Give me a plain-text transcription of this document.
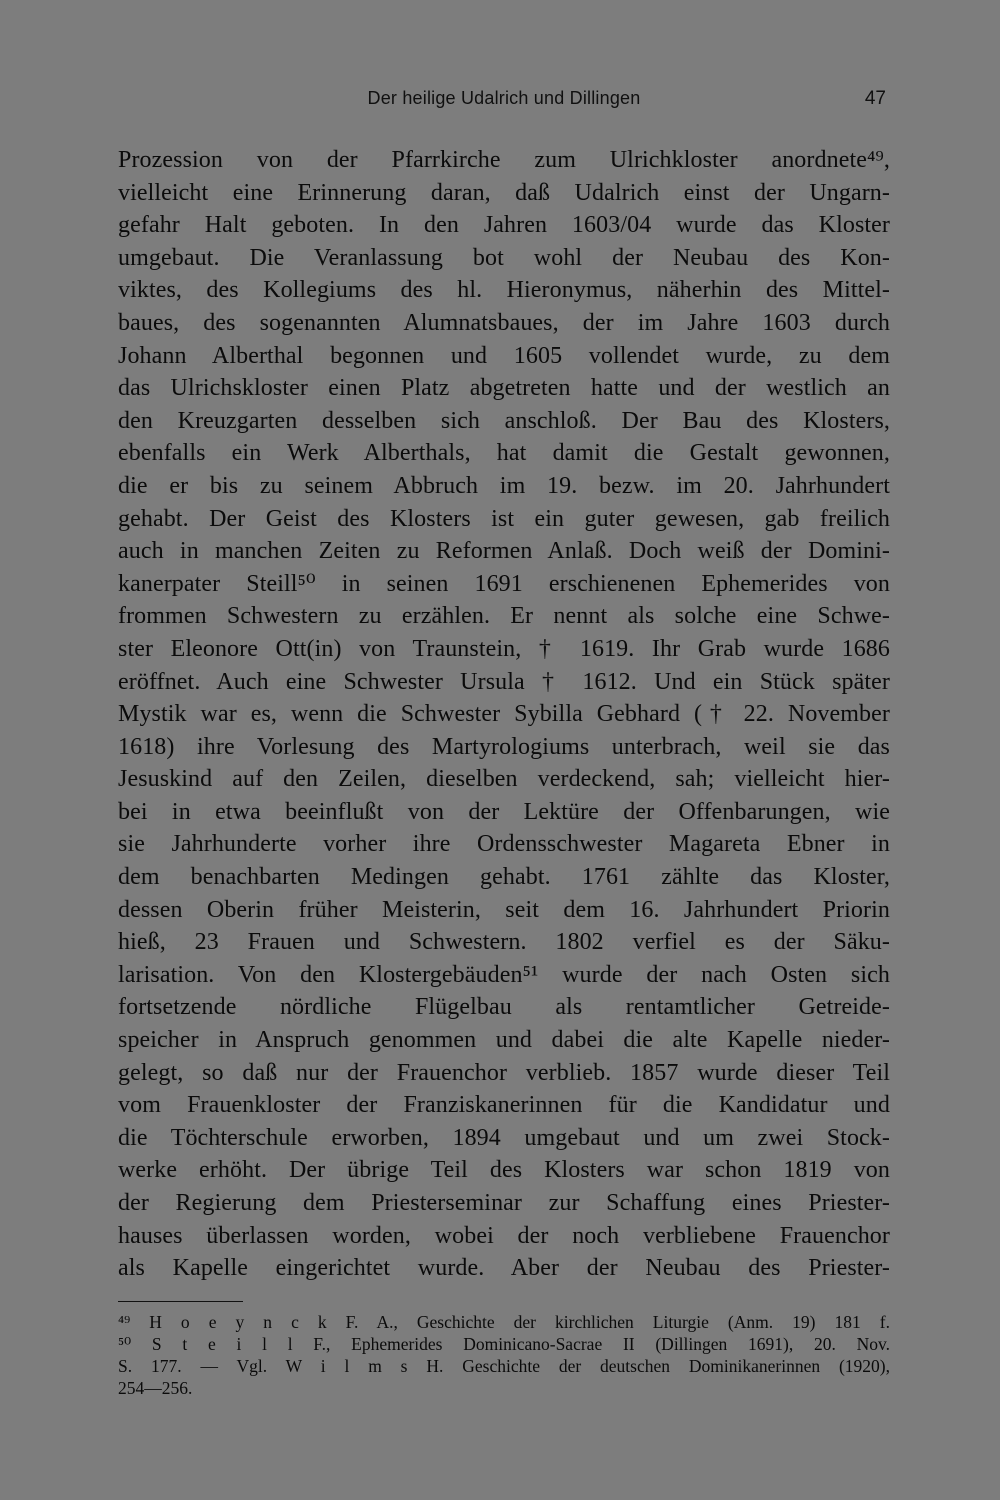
Der heilige Udalrich und Dillingen	47
Prozession von der Pfarrkirche zum Ulrichkloster anordnete⁴⁹,
vielleicht eine Erinnerung daran, daß Udalrich einst der Ungarn-
gefahr Halt geboten. In den Jahren 1603/04 wurde das Kloster
umgebaut. Die Veranlassung bot wohl der Neubau des Kon-
viktes, des Kollegiums des hl. Hieronymus, näherhin des Mittel-
baues, des sogenannten Alumnatsbaues, der im Jahre 1603 durch
Johann Alberthal begonnen und 1605 vollendet wurde, zu dem
das Ulrichskloster einen Platz abgetreten hatte und der westlich an
den Kreuzgarten desselben sich anschloß. Der Bau des Klosters,
ebenfalls ein Werk Alberthals, hat damit die Gestalt gewonnen,
die er bis zu seinem Abbruch im 19. bezw. im 20. Jahrhundert
gehabt. Der Geist des Klosters ist ein guter gewesen, gab freilich
auch in manchen Zeiten zu Reformen Anlaß. Doch weiß der Domini-
kanerpater Steill⁵⁰ in seinen 1691 erschienenen Ephemerides von
frommen Schwestern zu erzählen. Er nennt als solche eine Schwe-
ster Eleonore Ott(in) von Traunstein, † 1619. Ihr Grab wurde 1686
eröffnet. Auch eine Schwester Ursula † 1612. Und ein Stück später
Mystik war es, wenn die Schwester Sybilla Gebhard († 22. November
1618) ihre Vorlesung des Martyrologiums unterbrach, weil sie das
Jesuskind auf den Zeilen, dieselben verdeckend, sah; vielleicht hier-
bei in etwa beeinflußt von der Lektüre der Offenbarungen, wie
sie Jahrhunderte vorher ihre Ordensschwester Magareta Ebner in
dem benachbarten Medingen gehabt. 1761 zählte das Kloster,
dessen Oberin früher Meisterin, seit dem 16. Jahrhundert Priorin
hieß, 23 Frauen und Schwestern. 1802 verfiel es der Säku-
larisation. Von den Klostergebäuden⁵¹ wurde der nach Osten sich
fortsetzende nördliche Flügelbau als rentamtlicher Getreide-
speicher in Anspruch genommen und dabei die alte Kapelle nieder-
gelegt, so daß nur der Frauenchor verblieb. 1857 wurde dieser Teil
vom Frauenkloster der Franziskanerinnen für die Kandidatur und
die Töchterschule erworben, 1894 umgebaut und um zwei Stock-
werke erhöht. Der übrige Teil des Klosters war schon 1819 von
der Regierung dem Priesterseminar zur Schaffung eines Priester-
hauses überlassen worden, wobei der noch verbliebene Frauenchor
als Kapelle eingerichtet wurde. Aber der Neubau des Priester-
⁴⁹ H o e y n c k F. A., Geschichte der kirchlichen Liturgie (Anm. 19) 181 f.
⁵⁰ S t e i l l F., Ephemerides Dominicano-Sacrae II (Dillingen 1691), 20. Nov.
S. 177. — Vgl. W i l m s H. Geschichte der deutschen Dominikanerinnen (1920),
254—256.
